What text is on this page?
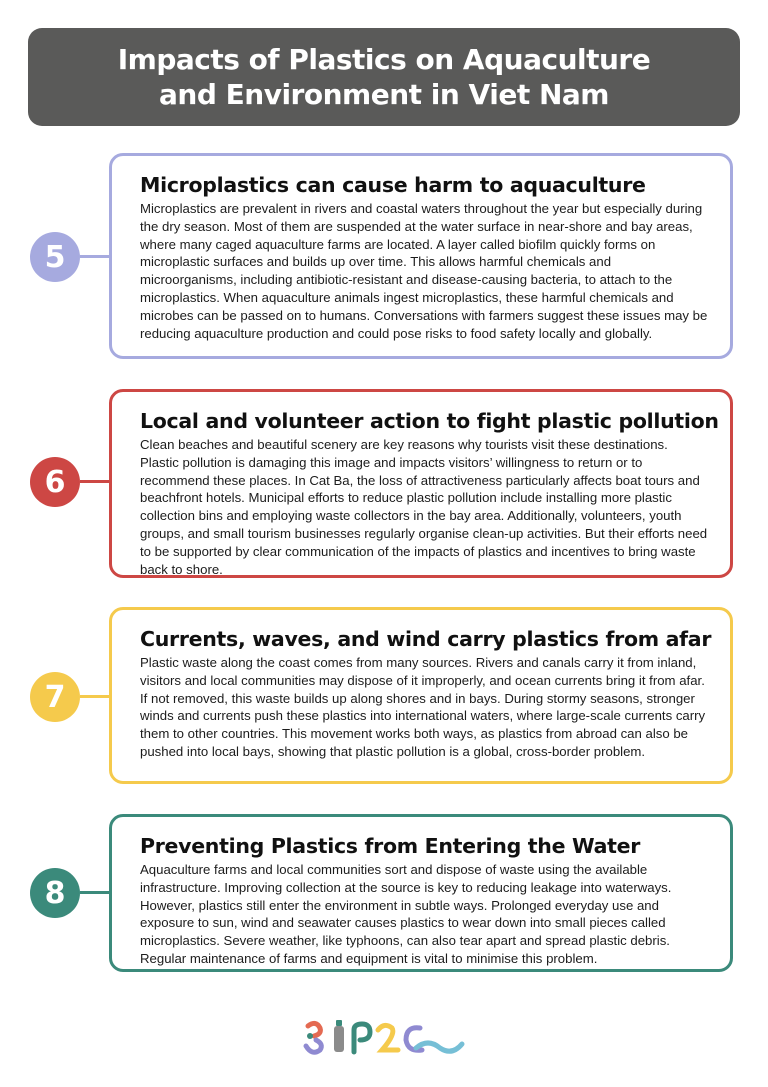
Impacts of Plastics on Aquaculture
and Environment in Viet Nam
5
Microplastics can cause harm to aquaculture

Microplastics are prevalent in rivers and coastal waters throughout the year but especially during the dry season. Most of them are suspended at the water surface in near-shore and bay areas, where many caged aquaculture farms are located. A layer called biofilm quickly forms on microplastic surfaces and builds up over time. This allows harmful chemicals and microorganisms, including antibiotic-resistant and disease-causing bacteria, to attach to the microplastics. When aquaculture animals ingest microplastics, these harmful chemicals and microbes can be passed on to humans. Conversations with farmers suggest these issues may be reducing aquaculture production and could pose risks to food safety locally and globally.

6
Local and volunteer action to fight plastic pollution

Clean beaches and beautiful scenery are key reasons why tourists visit these destinations. Plastic pollution is damaging this image and impacts visitors’ willingness to return or to recommend these places. In Cat Ba, the loss of attractiveness particularly affects boat tours and beachfront hotels. Municipal efforts to reduce plastic pollution include installing more plastic collection bins and employing waste collectors in the bay area. Additionally, volunteers, youth groups, and small tourism businesses regularly organise clean-up activities. But their efforts need to be supported by clear communication of the impacts of plastics and incentives to bring waste back to shore.

7
Currents, waves, and wind carry plastics from afar

Plastic waste along the coast comes from many sources. Rivers and canals carry it from inland, visitors and local communities may dispose of it improperly, and ocean currents bring it from afar. If not removed, this waste builds up along shores and in bays. During stormy seasons, stronger winds and currents push these plastics into international waters, where large-scale currents carry them to other countries. This movement works both ways, as plastics from abroad can also be pushed into local bays, showing that plastic pollution is a global, cross-border problem.

8
Preventing Plastics from Entering the Water

Aquaculture farms and local communities sort and dispose of waste using the available infrastructure. Improving collection at the source is key to reducing leakage into waterways. However, plastics still enter the environment in subtle ways. Prolonged everyday use and exposure to sun, wind and seawater causes plastics to wear down into small pieces called microplastics. Severe weather, like typhoons, can also tear apart and spread plastic debris. Regular maintenance of farms and equipment is vital to minimise this problem.
